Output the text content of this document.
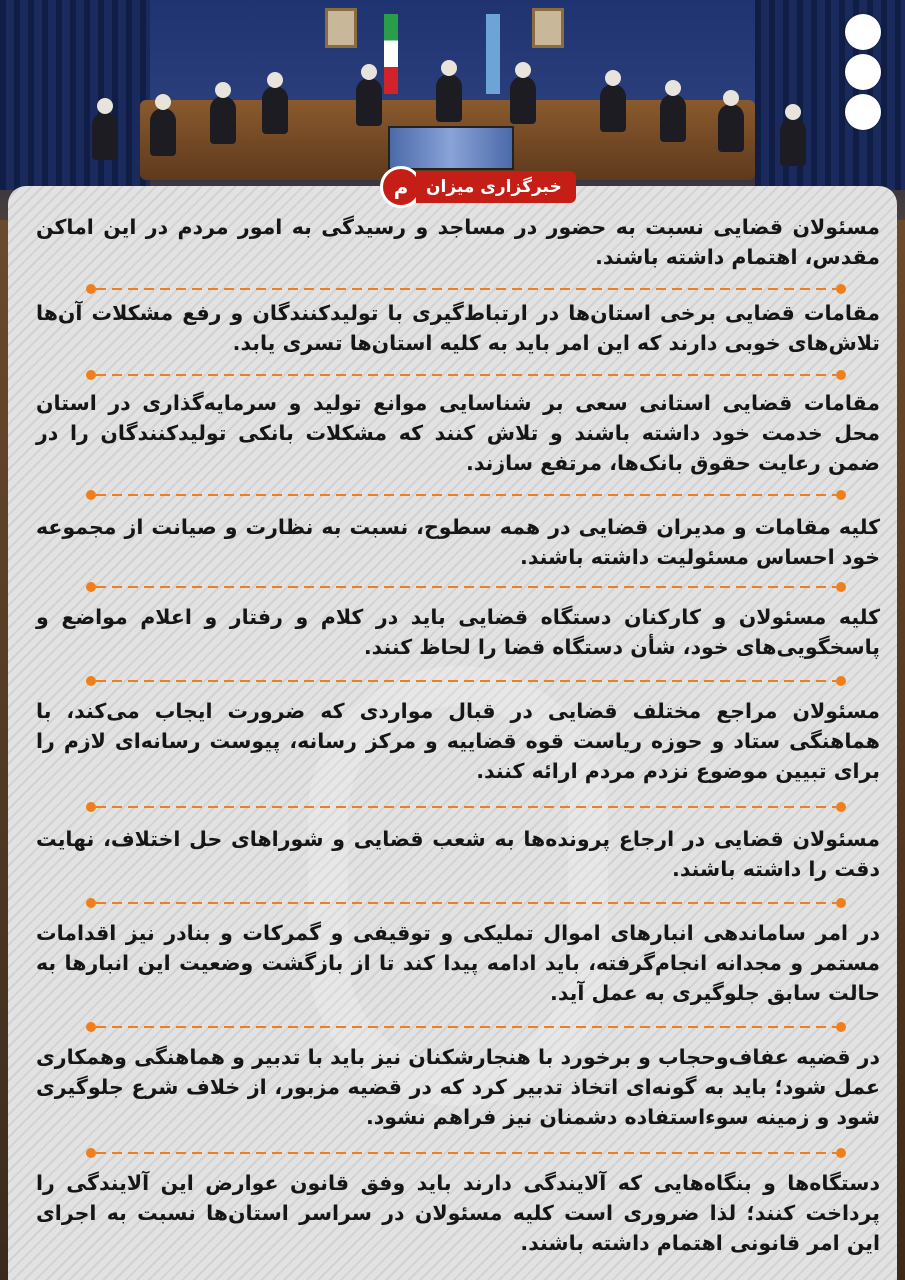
م	خبرگزاری میزان
مسئولان قضایی نسبت به حضور در مساجد و رسیدگی به امور مردم در این اماکن مقدس، اهتمام داشته باشند.
مقامات قضایی برخی استان‌ها در ارتباط‌گیری با تولیدکنندگان و رفع مشکلات آن‌ها تلاش‌های خوبی دارند که این امر باید به کلیه استان‌ها تسری یابد.
مقامات قضایی استانی سعی بر شناسایی موانع تولید و سرمایه‌گذاری در استان محل خدمت خود داشته باشند و تلاش کنند که مشکلات بانکی تولیدکنندگان را در ضمن رعایت حقوق بانک‌ها، مرتفع سازند.
کلیه مقامات و مدیران قضایی در همه سطوح، نسبت به نظارت و صیانت از مجموعه خود احساس مسئولیت داشته باشند.
کلیه مسئولان و کارکنان دستگاه قضایی باید در کلام و رفتار و اعلام مواضع و پاسخگویی‌های خود، شأن دستگاه قضا را لحاظ کنند.
مسئولان مراجع مختلف قضایی در قبال مواردی که ضرورت ایجاب می‌کند، با هماهنگی ستاد و حوزه ریاست قوه قضاییه و مرکز رسانه، پیوست رسانه‌ای لازم را برای تبیین موضوع نزدم مردم ارائه کنند.
مسئولان قضایی در ارجاع پرونده‌ها به شعب قضایی و شوراهای حل اختلاف، نهایت دقت را داشته باشند.
در امر ساماندهی انبارهای اموال تملیکی و توقیفی و گمرکات و بنادر نیز اقدامات مستمر و مجدانه انجام‌گرفته، باید ادامه پیدا کند تا از بازگشت وضعیت این انبارها به حالت سابق جلوگیری به عمل آید.
در قضیه عفاف‌وحجاب و برخورد با هنجارشکنان نیز باید با تدبیر و هماهنگی وهمکاری عمل شود؛ باید به گونه‌ای اتخاذ تدبیر کرد که در قضیه مزبور، از خلاف شرع جلوگیری شود و زمینه سوءاستفاده دشمنان نیز فراهم نشود.
دستگاه‌ها و بنگاه‌هایی که آلایندگی دارند باید وفق قانون عوارض این آلایندگی را پرداخت کنند؛ لذا ضروری است کلیه مسئولان در سراسر استان‌ها نسبت به اجرای این امر قانونی اهتمام داشته باشند.
